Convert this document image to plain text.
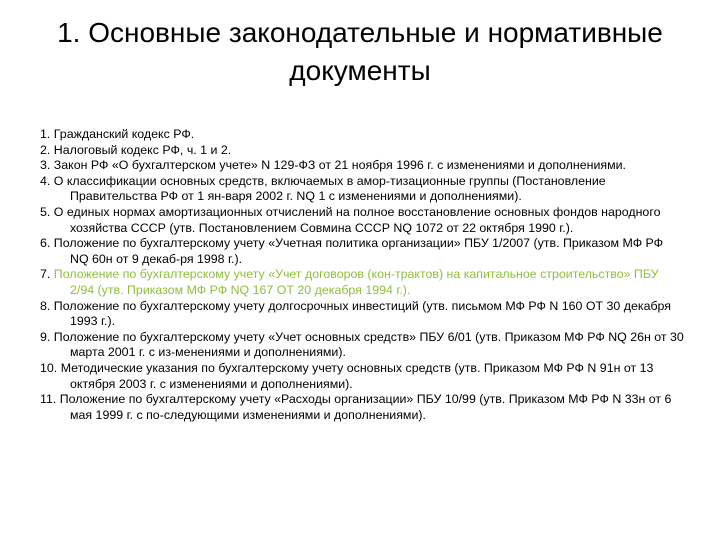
1. Основные законодательные и нормативные документы
1. Гражданский кодекс РФ.
2. Налоговый кодекс РФ, ч. 1 и 2.
3. Закон РФ «О бухгалтерском учете» N 129-ФЗ от 21 ноября 1996 г. с изменениями и дополнениями.
4. О классификации основных средств, включаемых в амор-тизационные группы (Постановление Правительства РФ от 1 ян-варя 2002 г. NQ 1 с изменениями и дополнениями).
5. О единых нормах амортизационных отчислений на полное восстановление основных фондов народного хозяйства СССР (утв. Постановлением Совмина СССР NQ 1072 от 22 октября 1990 г.).
6. Положение по бухгалтерскому учету «Учетная политика организации» ПБУ 1/2007 (утв. Приказом МФ РФ NQ 60н от 9 декаб-ря 1998 г.).
7. Положение по бухгалтерскому учету «Учет договоров (кон-трактов) на капитальное строительство» ПБУ 2/94 (утв. Приказом МФ РФ NQ 167 ОТ 20 декабря 1994 г.).
8. Положение по бухгалтерскому учету долгосрочных инвестиций (утв. письмом МФ РФ N 160 ОТ 30 декабря 1993 г.).
9. Положение по бухгалтерскому учету «Учет основных средств» ПБУ 6/01 (утв. Приказом МФ РФ NQ 26н от 30 марта 2001 г. с из-менениями и дополнениями).
10. Методические указания по бухгалтерскому учету основных средств (утв. Приказом МФ РФ N 91н от 13 октября 2003 г. с изменениями и дополнениями).
11. Положение по бухгалтерскому учету «Расходы организации» ПБУ 10/99 (утв. Приказом МФ РФ N 33н от 6 мая 1999 г. с по-следующими изменениями и дополнениями).
